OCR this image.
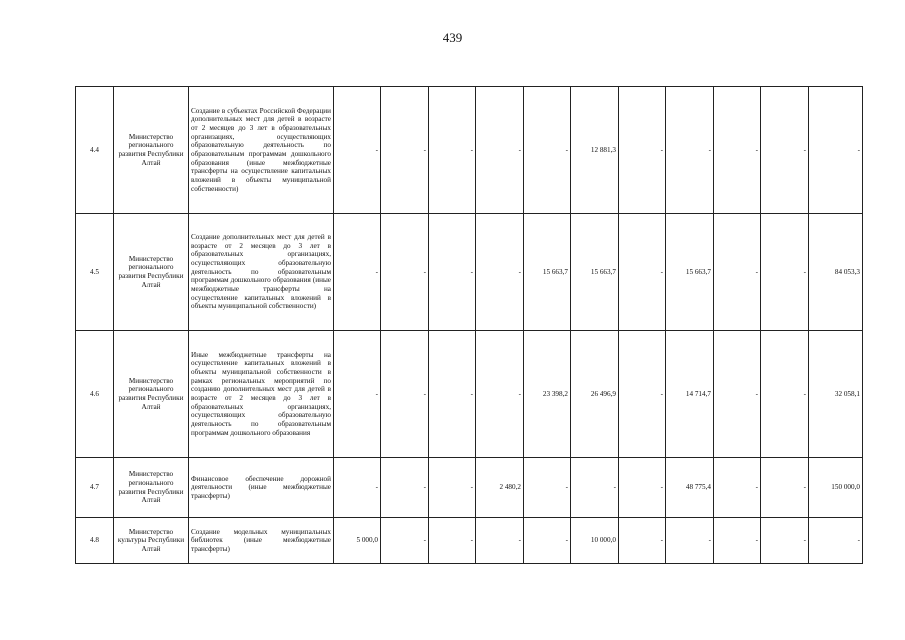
439
4.4	Министерство регионального развития Республики Алтай	Создание в субъектах Российской Федерации дополнительных мест для детей в возрасте от 2 месяцев до 3 лет в образовательных организациях, осуществляющих образовательную деятельность по образовательным программам дошкольного образования (иные межбюджетные трансферты на осуществление капитальных вложений в объекты муниципальной собственности)	-	-	-	-	-	12 881,3	-	-	-	-	-
4.5	Министерство регионального развития Республики Алтай	Создание дополнительных мест для детей в возрасте от 2 месяцев до 3 лет в образовательных организациях, осуществляющих образовательную деятельность по образовательным программам дошкольного образования (иные межбюджетные трансферты на осуществление капитальных вложений в объекты муниципальной собственности)	-	-	-	-	15 663,7	15 663,7	-	15 663,7	-	-	84 053,3
4.6	Министерство регионального развития Республики Алтай	Иные межбюджетные трансферты на осуществление капитальных вложений в объекты муниципальной собственности в рамках региональных мероприятий по созданию дополнительных мест для детей в возрасте от 2 месяцев до 3 лет в образовательных организациях, осуществляющих образовательную деятельность по образовательным программам дошкольного образования	-	-	-	-	23 398,2	26 496,9	-	14 714,7	-	-	32 058,1
4.7	Министерство регионального развития Республики Алтай	Финансовое обеспечение дорожной деятельности (иные межбюджетные трансферты)	-	-	-	2 480,2	-	-	-	48 775,4	-	-	150 000,0
4.8	Министерство культуры Республики Алтай	Создание модельных муниципальных библиотек (иные межбюджетные трансферты)	5 000,0	-	-	-	-	10 000,0	-	-	-	-	-
